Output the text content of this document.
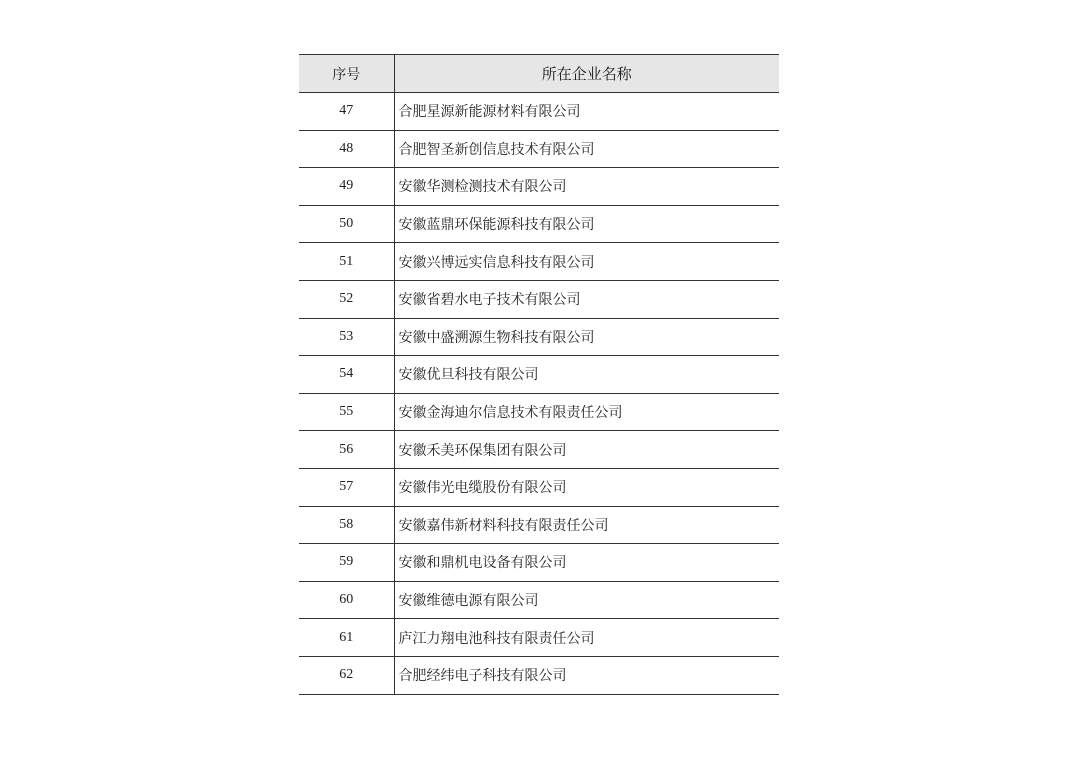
序号	所在企业名称
47	合肥星源新能源材料有限公司
48	合肥智圣新创信息技术有限公司
49	安徽华测检测技术有限公司
50	安徽蓝鼎环保能源科技有限公司
51	安徽兴博远实信息科技有限公司
52	安徽省碧水电子技术有限公司
53	安徽中盛溯源生物科技有限公司
54	安徽优旦科技有限公司
55	安徽金海迪尔信息技术有限责任公司
56	安徽禾美环保集团有限公司
57	安徽伟光电缆股份有限公司
58	安徽嘉伟新材料科技有限责任公司
59	安徽和鼎机电设备有限公司
60	安徽维德电源有限公司
61	庐江力翔电池科技有限责任公司
62	合肥经纬电子科技有限公司
